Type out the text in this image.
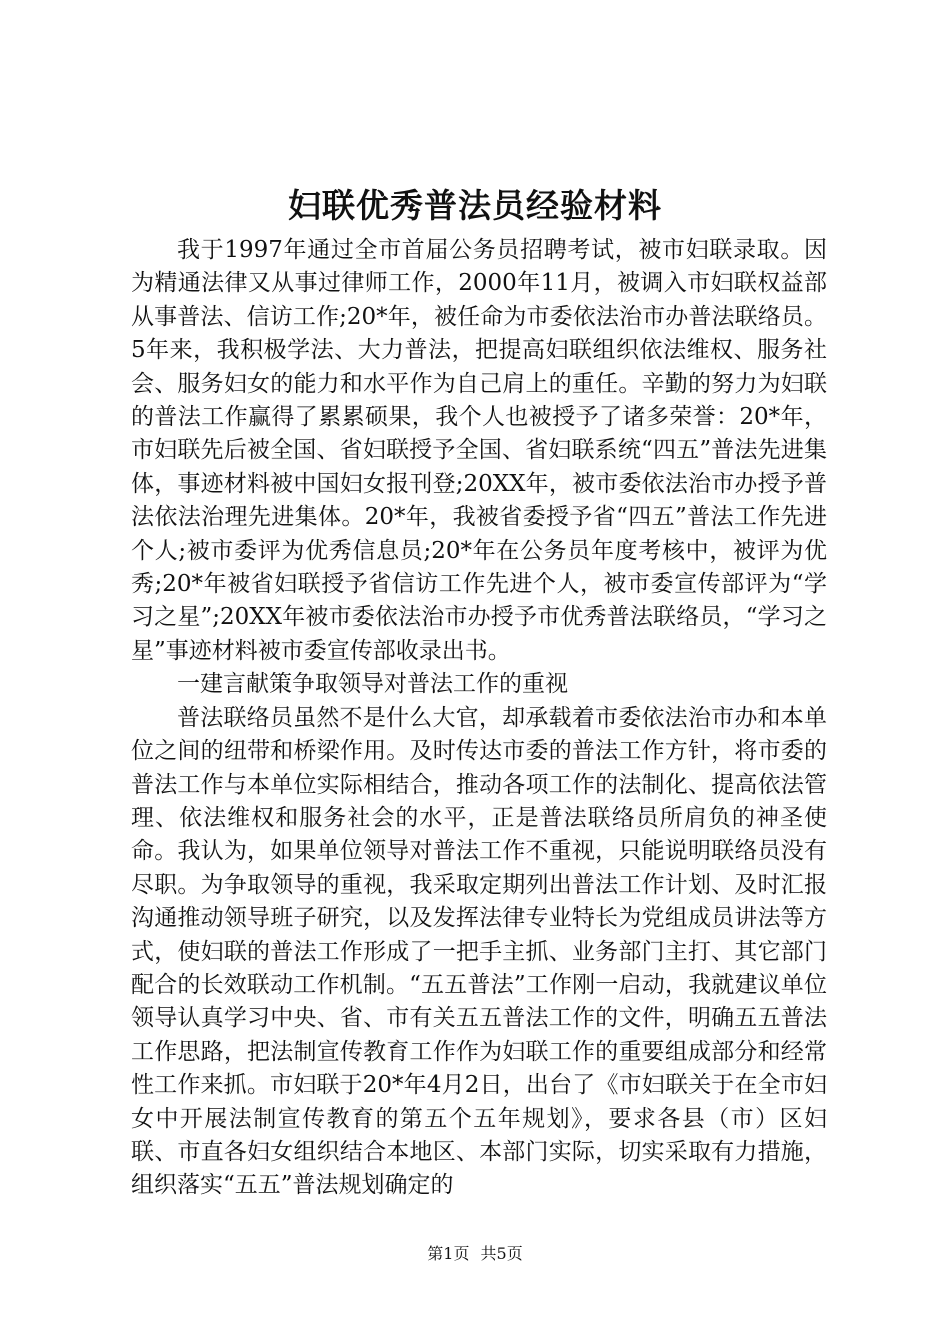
妇联优秀普法员经验材料

我于1997年通过全市首届公务员招聘考试，被市妇联录取。因为精通法律又从事过律师工作，2000年11月，被调入市妇联权益部从事普法、信访工作;20*年，被任命为市委依法治市办普法联络员。5年来，我积极学法、大力普法，把提高妇联组织依法维权、服务社会、服务妇女的能力和水平作为自己肩上的重任。辛勤的努力为妇联的普法工作赢得了累累硕果，我个人也被授予了诸多荣誉：20*年，市妇联先后被全国、省妇联授予全国、省妇联系统“四五”普法先进集体，事迹材料被中国妇女报刊登;20XX年，被市委依法治市办授予普法依法治理先进集体。20*年，我被省委授予省“四五”普法工作先进个人;被市委评为优秀信息员;20*年在公务员年度考核中，被评为优秀;20*年被省妇联授予省信访工作先进个人，被市委宣传部评为“学习之星”;20XX年被市委依法治市办授予市优秀普法联络员，“学习之星”事迹材料被市委宣传部收录出书。

一建言献策争取领导对普法工作的重视

普法联络员虽然不是什么大官，却承载着市委依法治市办和本单位之间的纽带和桥梁作用。及时传达市委的普法工作方针，将市委的普法工作与本单位实际相结合，推动各项工作的法制化、提高依法管理、依法维权和服务社会的水平，正是普法联络员所肩负的神圣使命。我认为，如果单位领导对普法工作不重视，只能说明联络员没有尽职。为争取领导的重视，我采取定期列出普法工作计划、及时汇报沟通推动领导班子研究，以及发挥法律专业特长为党组成员讲法等方式，使妇联的普法工作形成了一把手主抓、业务部门主打、其它部门配合的长效联动工作机制。“五五普法”工作刚一启动，我就建议单位领导认真学习中央、省、市有关五五普法工作的文件，明确五五普法工作思路，把法制宣传教育工作作为妇联工作的重要组成部分和经常性工作来抓。市妇联于20*年4月2日，出台了《市妇联关于在全市妇女中开展法制宣传教育的第五个五年规划》，要求各县（市）区妇联、市直各妇女组织结合本地区、本部门实际，切实采取有力措施，组织落实“五五”普法规划确定的

第1页 共5页
